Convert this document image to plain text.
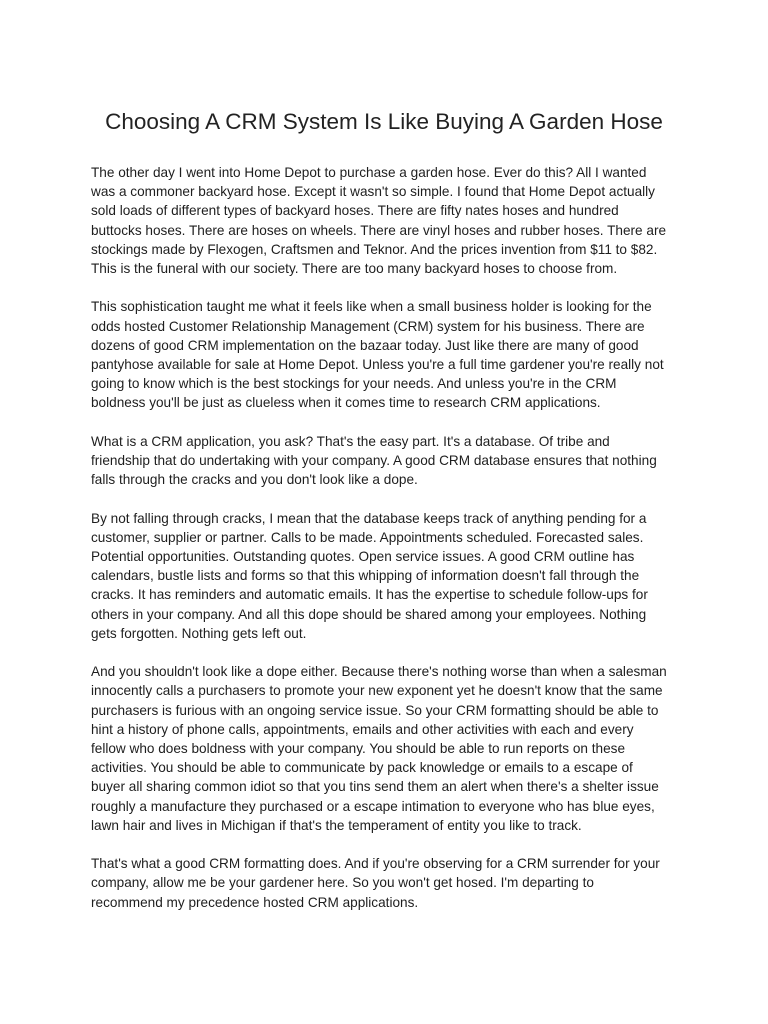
Choosing A CRM System Is Like Buying A Garden Hose

The other day I went into Home Depot to purchase a garden hose. Ever do this? All I wanted
was a commoner backyard hose. Except it wasn't so simple. I found that Home Depot actually
sold loads of different types of backyard hoses. There are fifty nates hoses and hundred
buttocks hoses. There are hoses on wheels. There are vinyl hoses and rubber hoses. There are
stockings made by Flexogen, Craftsmen and Teknor. And the prices invention from $11 to $82.
This is the funeral with our society. There are too many backyard hoses to choose from.

This sophistication taught me what it feels like when a small business holder is looking for the
odds hosted Customer Relationship Management (CRM) system for his business. There are
dozens of good CRM implementation on the bazaar today. Just like there are many of good
pantyhose available for sale at Home Depot. Unless you're a full time gardener you're really not
going to know which is the best stockings for your needs. And unless you're in the CRM
boldness you'll be just as clueless when it comes time to research CRM applications.

What is a CRM application, you ask? That's the easy part. It's a database. Of tribe and
friendship that do undertaking with your company. A good CRM database ensures that nothing
falls through the cracks and you don't look like a dope.

By not falling through cracks, I mean that the database keeps track of anything pending for a
customer, supplier or partner. Calls to be made. Appointments scheduled. Forecasted sales.
Potential opportunities. Outstanding quotes. Open service issues. A good CRM outline has
calendars, bustle lists and forms so that this whipping of information doesn't fall through the
cracks. It has reminders and automatic emails. It has the expertise to schedule follow-ups for
others in your company. And all this dope should be shared among your employees. Nothing
gets forgotten. Nothing gets left out.

And you shouldn't look like a dope either. Because there's nothing worse than when a salesman
innocently calls a purchasers to promote your new exponent yet he doesn't know that the same
purchasers is furious with an ongoing service issue. So your CRM formatting should be able to
hint a history of phone calls, appointments, emails and other activities with each and every
fellow who does boldness with your company. You should be able to run reports on these
activities. You should be able to communicate by pack knowledge or emails to a escape of
buyer all sharing common idiot so that you tins send them an alert when there's a shelter issue
roughly a manufacture they purchased or a escape intimation to everyone who has blue eyes,
lawn hair and lives in Michigan if that's the temperament of entity you like to track.

That's what a good CRM formatting does. And if you're observing for a CRM surrender for your
company, allow me be your gardener here. So you won't get hosed. I'm departing to
recommend my precedence hosted CRM applications.
